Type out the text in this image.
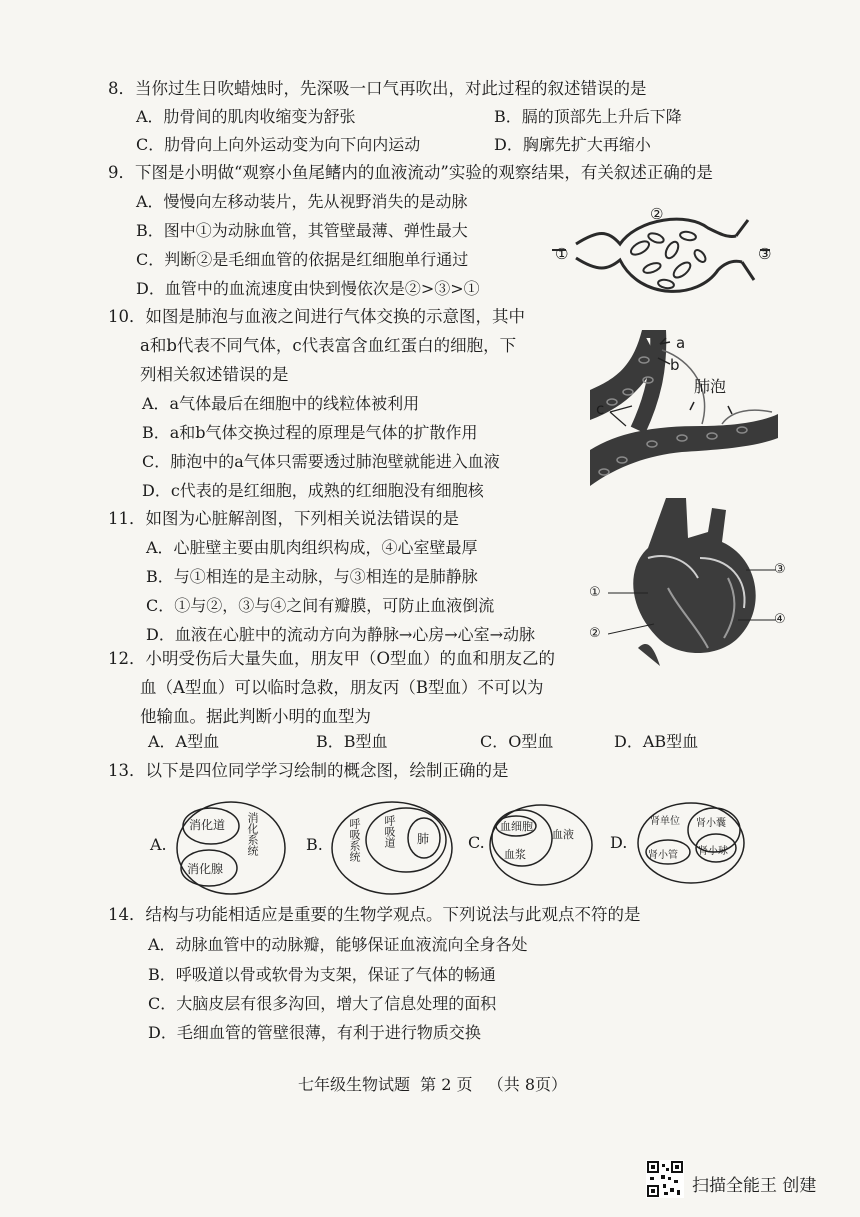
8．当你过生日吹蜡烛时，先深吸一口气再吹出，对此过程的叙述错误的是
A．肋骨间的肌肉收缩变为舒张	B．膈的顶部先上升后下降
C．肋骨向上向外运动变为向下向内运动	D．胸廓先扩大再缩小
9．下图是小明做“观察小鱼尾鳍内的血液流动”实验的观察结果，有关叙述正确的是
A．慢慢向左移动装片，先从视野消失的是动脉
B．图中①为动脉血管，其管壁最薄、弹性最大
C．判断②是毛细血管的依据是红细胞单行通过
D．血管中的血流速度由快到慢依次是②>③>①
①
②
③
10．如图是肺泡与血液之间进行气体交换的示意图，其中
a和b代表不同气体，c代表富含血红蛋白的细胞，下
列相关叙述错误的是
A．a气体最后在细胞中的线粒体被利用
B．a和b气体交换过程的原理是气体的扩散作用
C．肺泡中的a气体只需要透过肺泡壁就能进入血液
D．c代表的是红细胞，成熟的红细胞没有细胞核
a
b
肺泡
c
11．如图为心脏解剖图，下列相关说法错误的是
A．心脏壁主要由肌肉组织构成，④心室壁最厚
B．与①相连的是主动脉，与③相连的是肺静脉
C．①与②，③与④之间有瓣膜，可防止血液倒流
D．血液在心脏中的流动方向为静脉→心房→心室→动脉
①
②
③
④
12．小明受伤后大量失血，朋友甲（O型血）的血和朋友乙的
血（A型血）可以临时急救，朋友丙（B型血）不可以为
他输血。据此判断小明的血型为
A．A型血	B．B型血	C．O型血	D．AB型血
13．以下是四位同学学习绘制的概念图，绘制正确的是
A.
消化道
消化腺
消化系统	B. 呼吸系统 呼吸道 肺 C.
血细胞
血浆
血液 D.
肾单位 肾小囊
肾小管 肾小球
14．结构与功能相适应是重要的生物学观点。下列说法与此观点不符的是
A．动脉血管中的动脉瓣，能够保证血液流向全身各处
B．呼吸道以骨或软骨为支架，保证了气体的畅通
C．大脑皮层有很多沟回，增大了信息处理的面积
D．毛细血管的管壁很薄，有利于进行物质交换
七年级生物试题  第 2 页   （共 8页）
扫描全能王 创建
